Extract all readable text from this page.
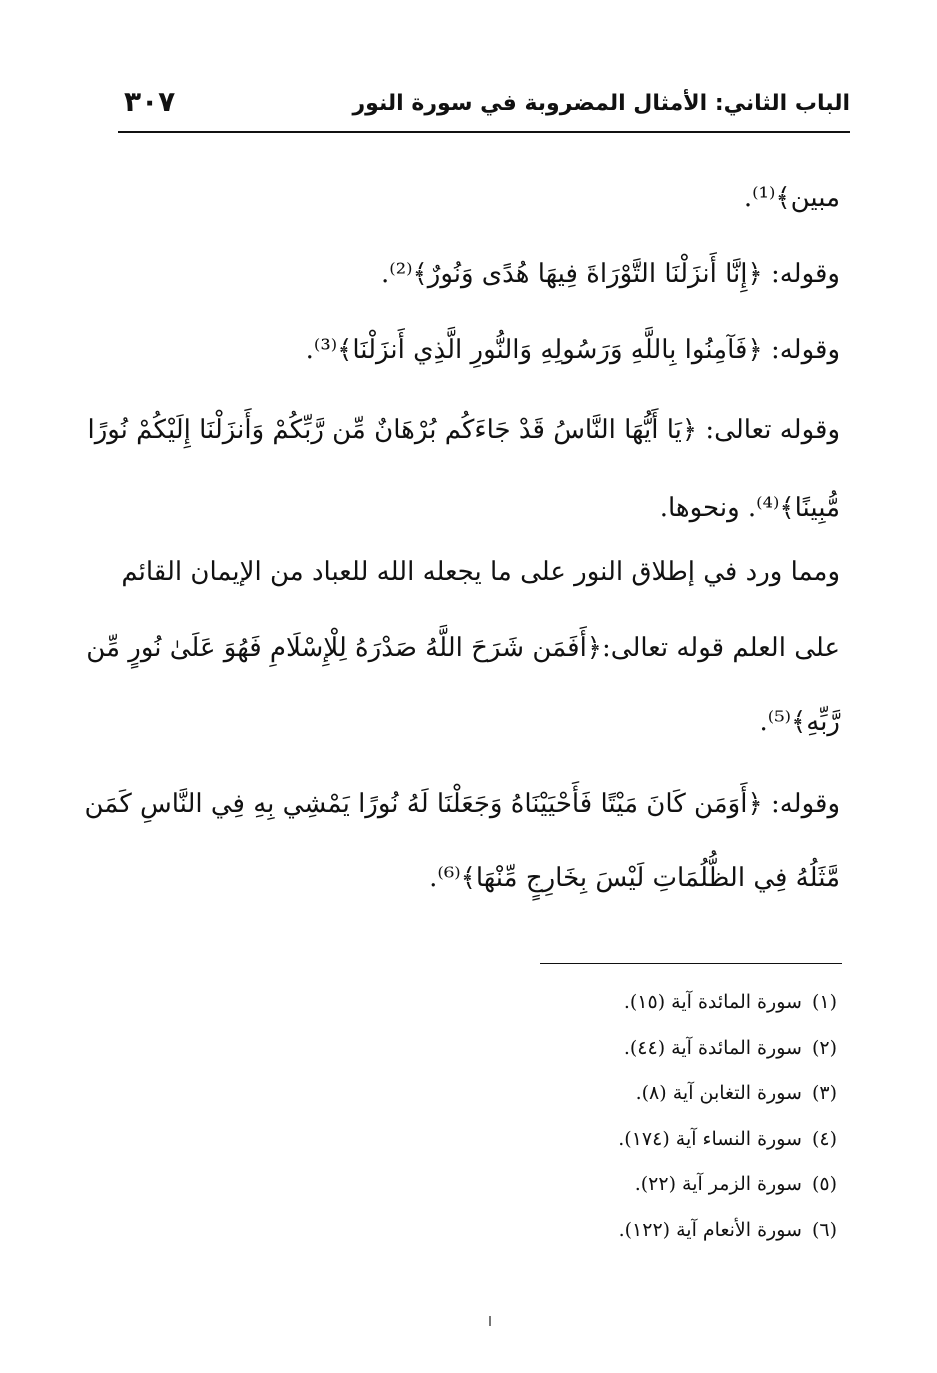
الباب الثاني: الأمثال المضروبة في سورة النور
٣٠٧
مبين﴾⁽¹⁾.
وقوله: ﴿إِنَّا أَنزَلْنَا التَّوْرَاةَ فِيهَا هُدًى وَنُورٌ﴾⁽²⁾.
وقوله: ﴿فَآمِنُوا بِاللَّهِ وَرَسُولِهِ وَالنُّورِ الَّذِي أَنزَلْنَا﴾⁽³⁾.
وقوله تعالى: ﴿يَا أَيُّهَا النَّاسُ قَدْ جَاءَكُم بُرْهَانٌ مِّن رَّبِّكُمْ وَأَنزَلْنَا إِلَيْكُمْ نُورًا
مُّبِينًا﴾⁽⁴⁾. ونحوها.
ومما ورد في إطلاق النور على ما يجعله الله للعباد من الإيمان القائم
على العلم قوله تعالى:﴿أَفَمَن شَرَحَ اللَّهُ صَدْرَهُ لِلْإِسْلَامِ فَهُوَ عَلَىٰ نُورٍ مِّن
رَّبِّهِ﴾⁽⁵⁾.
وقوله: ﴿أَوَمَن كَانَ مَيْتًا فَأَحْيَيْنَاهُ وَجَعَلْنَا لَهُ نُورًا يَمْشِي بِهِ فِي النَّاسِ كَمَن
مَّثَلُهُ فِي الظُّلُمَاتِ لَيْسَ بِخَارِجٍ مِّنْهَا﴾⁽⁶⁾.
(١)سورة المائدة آية (١٥).
(٢)سورة المائدة آية (٤٤).
(٣)سورة التغابن آية (٨).
(٤)سورة النساء آية (١٧٤).
(٥)سورة الزمر آية (٢٢).
(٦)سورة الأنعام آية (١٢٢).
